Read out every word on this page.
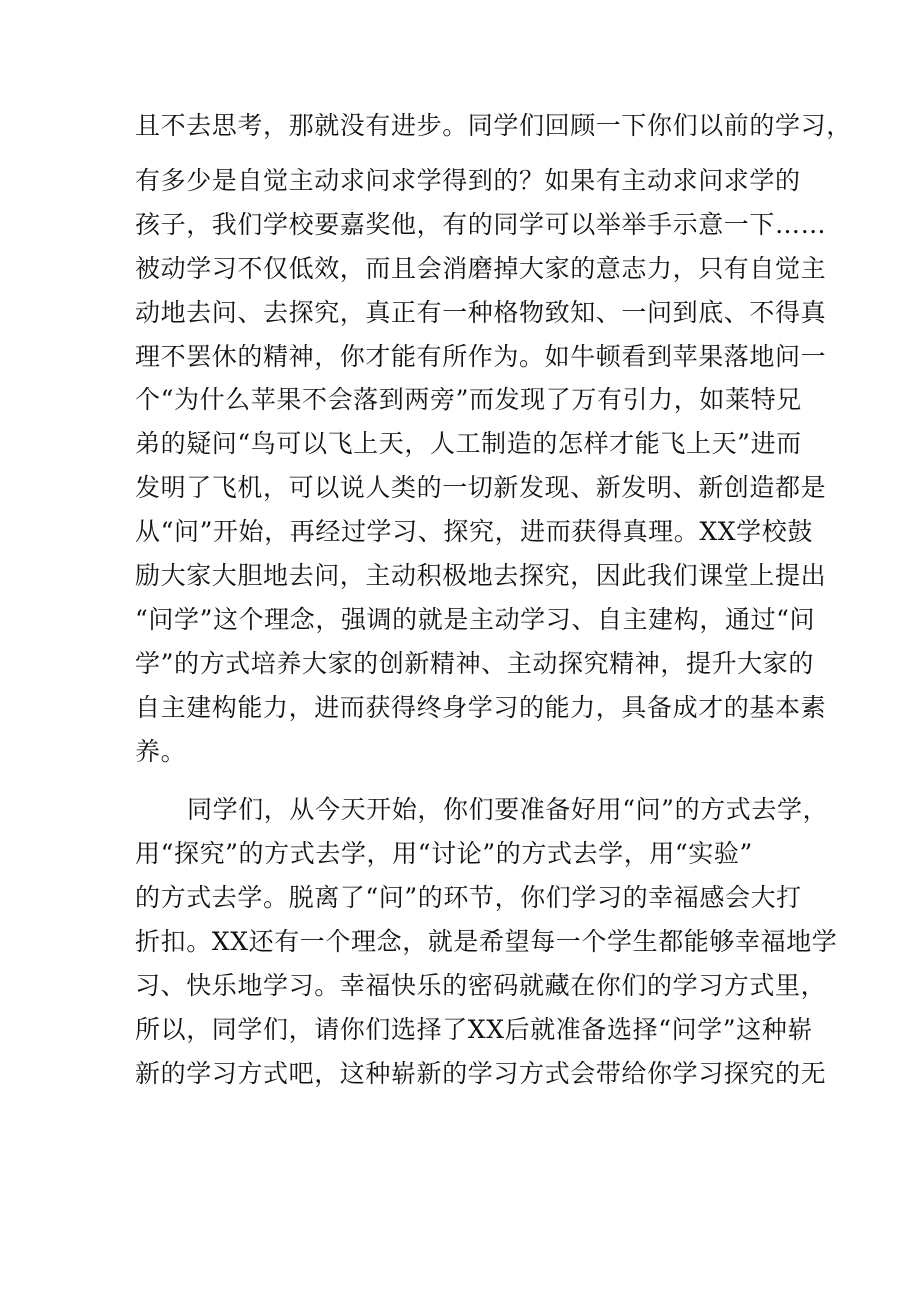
且不去思考，那就没有进步。同学们回顾一下你们以前的学习，
有多少是自觉主动求问求学得到的？如果有主动求问求学的
孩子，我们学校要嘉奖他，有的同学可以举举手示意一下……
被动学习不仅低效，而且会消磨掉大家的意志力，只有自觉主
动地去问、去探究，真正有一种格物致知、一问到底、不得真
理不罢休的精神，你才能有所作为。如牛顿看到苹果落地问一
个“为什么苹果不会落到两旁”而发现了万有引力，如莱特兄
弟的疑问“鸟可以飞上天，人工制造的怎样才能飞上天”进而
发明了飞机，可以说人类的一切新发现、新发明、新创造都是
从“问”开始，再经过学习、探究，进而获得真理。XX学校鼓
励大家大胆地去问，主动积极地去探究，因此我们课堂上提出
“问学”这个理念，强调的就是主动学习、自主建构，通过“问
学”的方式培养大家的创新精神、主动探究精神，提升大家的
自主建构能力，进而获得终身学习的能力，具备成才的基本素
养。
同学们，从今天开始，你们要准备好用“问”的方式去学，
用“探究”的方式去学，用“讨论”的方式去学，用“实验”
的方式去学。脱离了“问”的环节，你们学习的幸福感会大打
折扣。XX还有一个理念，就是希望每一个学生都能够幸福地学
习、快乐地学习。幸福快乐的密码就藏在你们的学习方式里，
所以，同学们，请你们选择了XX后就准备选择“问学”这种崭
新的学习方式吧，这种崭新的学习方式会带给你学习探究的无
